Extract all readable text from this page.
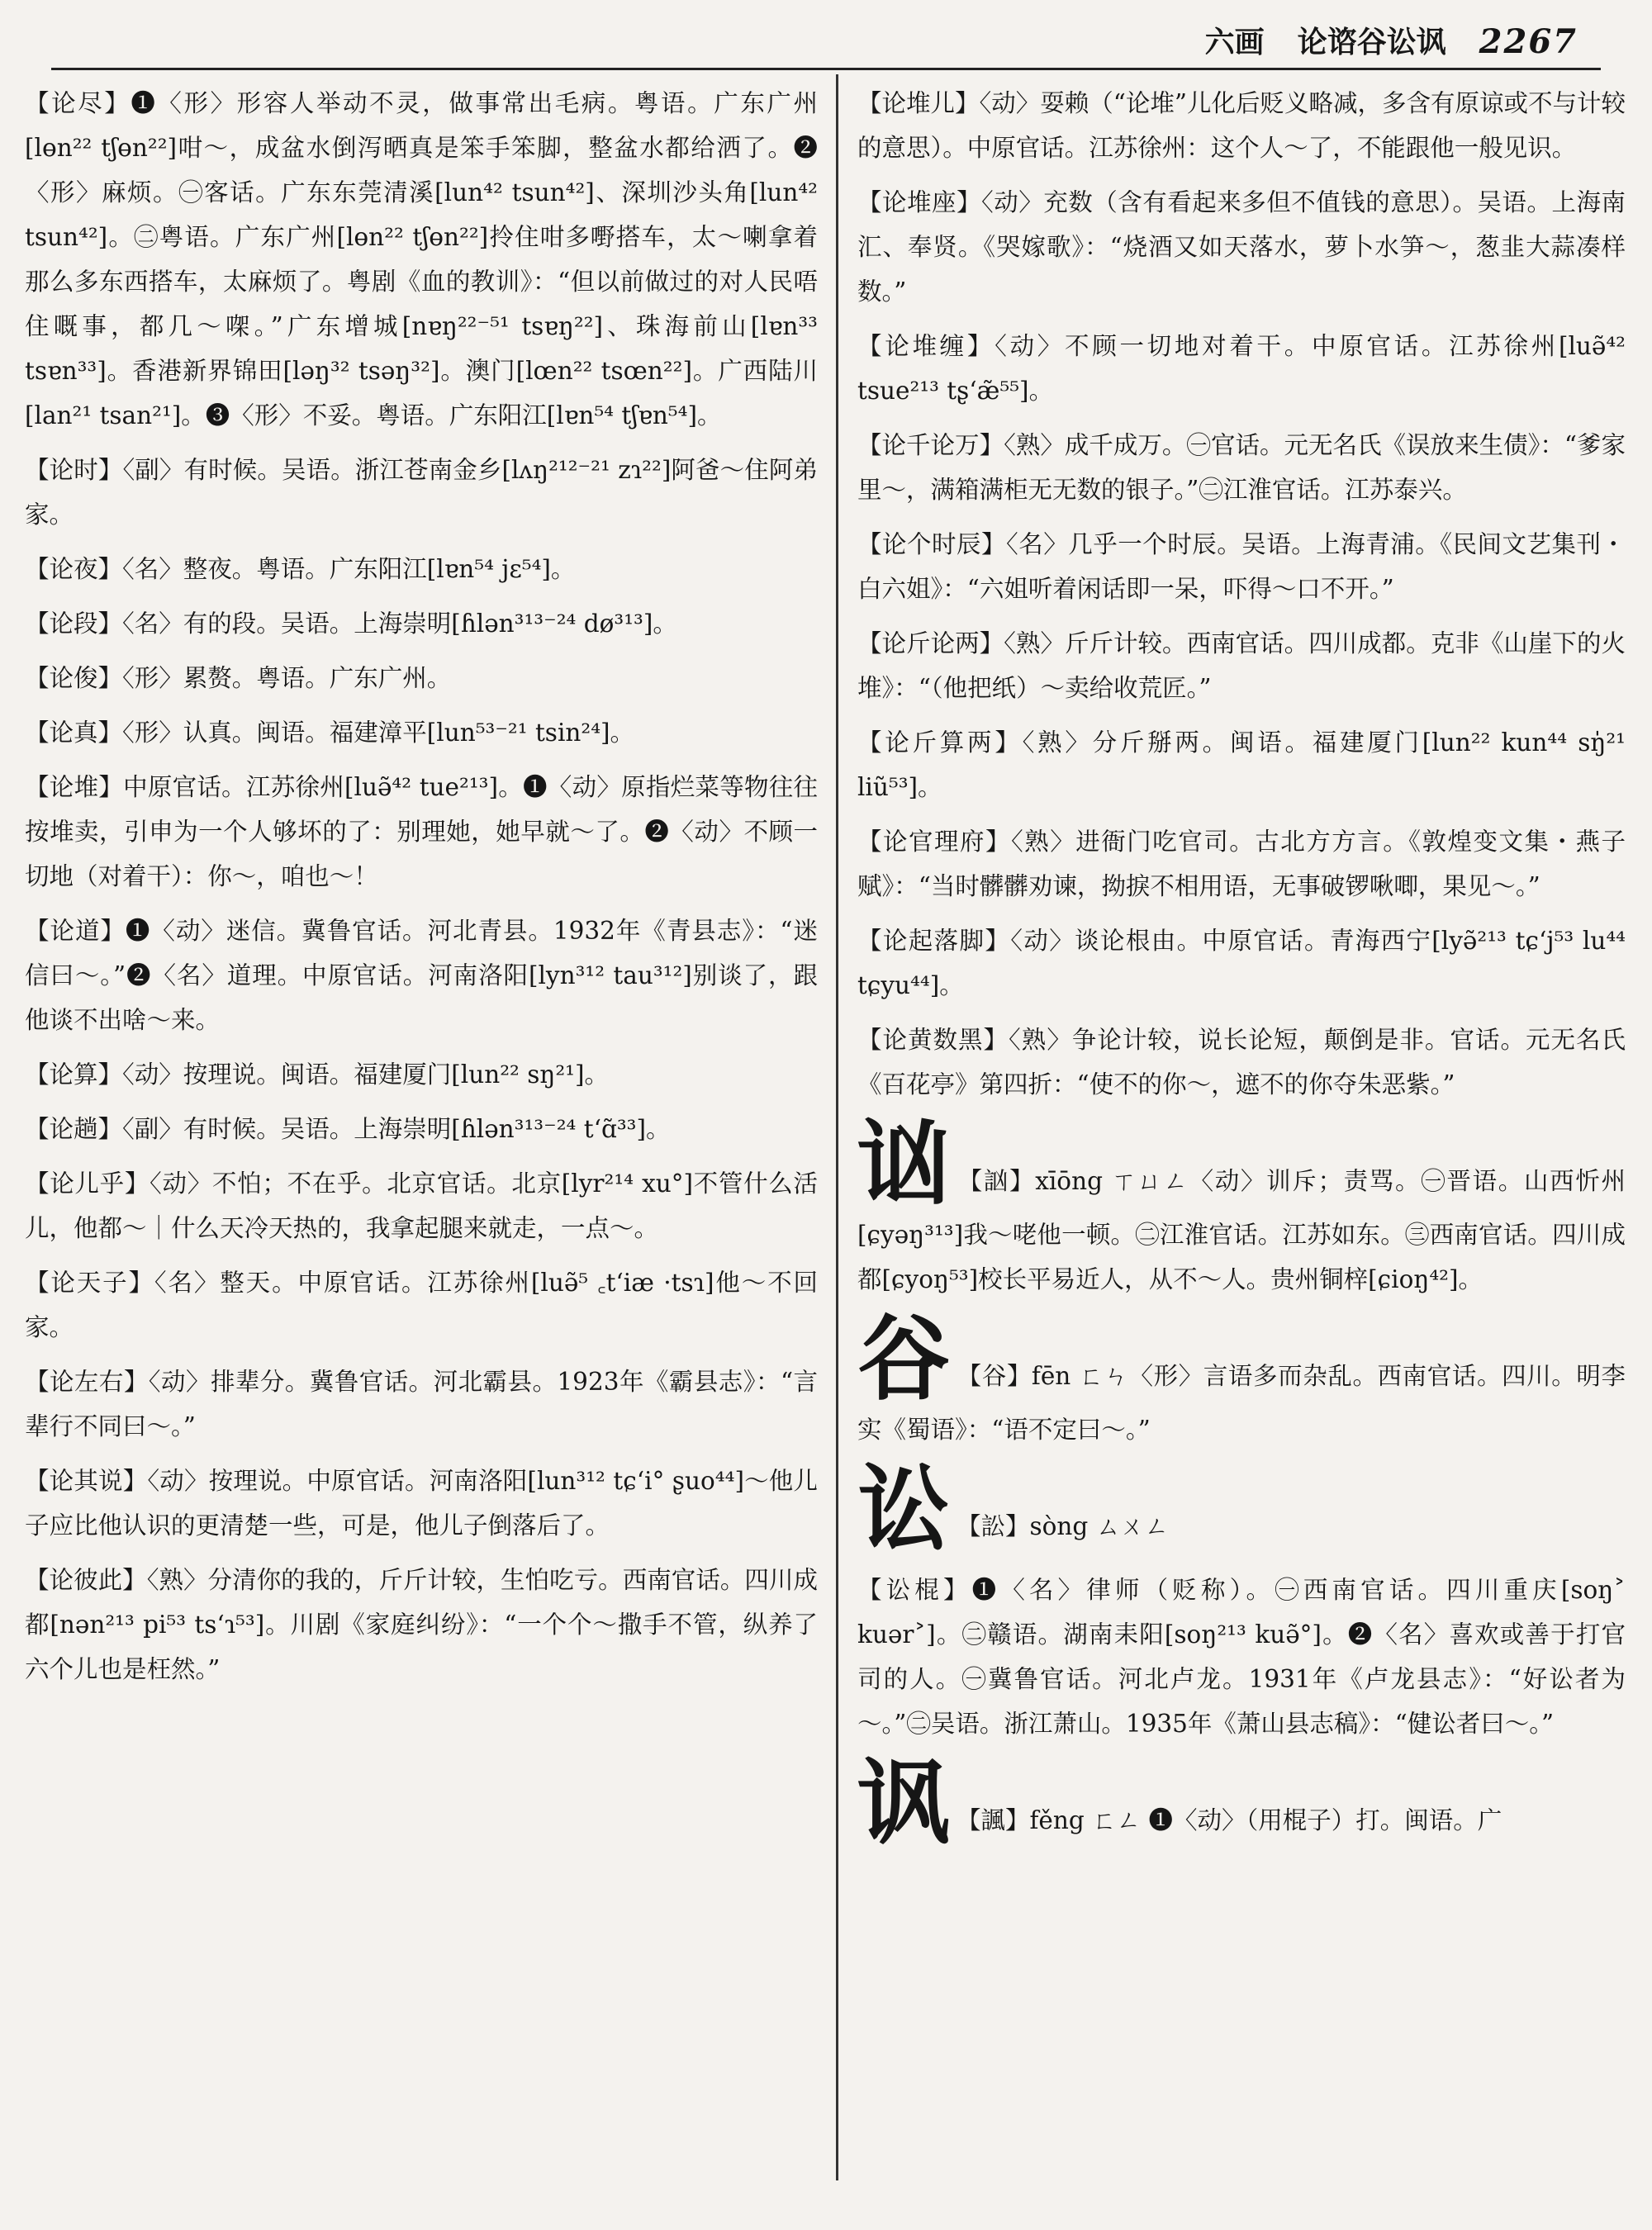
六画 论谘谷讼讽 2267

【论尽】❶〈形〉形容人举动不灵，做事常出毛病。粤语。广东广州[lɵn²² tʃɵn²²]咁～，成盆水倒泻晒真是笨手笨脚，整盆水都给洒了。❷〈形〉麻烦。㊀客话。广东东莞清溪[lun⁴² tsun⁴²]、深圳沙头角[lun⁴² tsun⁴²]。㊁粤语。广东广州[lɵn²² tʃɵn²²]拎住咁多嘢搭车，太～喇拿着那么多东西搭车，太麻烦了。粤剧《血的教训》：“但以前做过的对人民唔住嘅事，都几～㗎。”广东增城[nɐŋ²²⁻⁵¹ tsɐŋ²²]、珠海前山[lɐn³³ tsɐn³³]。香港新界锦田[ləŋ³² tsəŋ³²]。澳门[lœn²² tsœn²²]。广西陆川[lan²¹ tsan²¹]。❸〈形〉不妥。粤语。广东阳江[lɐn⁵⁴ tʃɐn⁵⁴]。

【论时】〈副〉有时候。吴语。浙江苍南金乡[lʌŋ²¹²⁻²¹ zɿ²²]阿爸～住阿弟家。

【论夜】〈名〉整夜。粤语。广东阳江[lɐn⁵⁴ jɛ⁵⁴]。

【论段】〈名〉有的段。吴语。上海崇明[ɦlən³¹³⁻²⁴ dø³¹³]。

【论俊】〈形〉累赘。粤语。广东广州。

【论真】〈形〉认真。闽语。福建漳平[lun⁵³⁻²¹ tsin²⁴]。

【论堆】中原官话。江苏徐州[luə̃⁴² tue²¹³]。❶〈动〉原指烂菜等物往往按堆卖，引申为一个人够坏的了：别理她，她早就～了。❷〈动〉不顾一切地（对着干）：你～，咱也～！

【论道】❶〈动〉迷信。冀鲁官话。河北青县。1932年《青县志》：“迷信曰～。”❷〈名〉道理。中原官话。河南洛阳[lyn³¹² tau³¹²]别谈了，跟他谈不出啥～来。

【论算】〈动〉按理说。闽语。福建厦门[lun²² sŋ²¹]。

【论趟】〈副〉有时候。吴语。上海崇明[ɦlən³¹³⁻²⁴ t‘ɑ̃³³]。

【论儿乎】〈动〉不怕；不在乎。北京官话。北京[lyr²¹⁴ xu°]不管什么活儿，他都～｜什么天冷天热的，我拿起腿来就走，一点～。

【论天子】〈名〉整天。中原官话。江苏徐州[luə̃⁵ ꜀t‘iæ ·tsɿ]他～不回家。

【论左右】〈动〉排辈分。冀鲁官话。河北霸县。1923年《霸县志》：“言辈行不同曰～。”

【论其说】〈动〉按理说。中原官话。河南洛阳[lun³¹² tɕ‘i° ʂuo⁴⁴]～他儿子应比他认识的更清楚一些，可是，他儿子倒落后了。

【论彼此】〈熟〉分清你的我的，斤斤计较，生怕吃亏。西南官话。四川成都[nən²¹³ pi⁵³ ts‘ɿ⁵³]。川剧《家庭纠纷》：“一个个～撒手不管，纵养了六个儿也是枉然。”

【论堆儿】〈动〉耍赖（“论堆”儿化后贬义略减，多含有原谅或不与计较的意思）。中原官话。江苏徐州：这个人～了，不能跟他一般见识。

【论堆座】〈动〉充数（含有看起来多但不值钱的意思）。吴语。上海南汇、奉贤。《哭嫁歌》：“烧酒又如天落水，萝卜水笋～，葱韭大蒜凑样数。”

【论堆缠】〈动〉不顾一切地对着干。中原官话。江苏徐州[luə̃⁴² tsue²¹³ tʂ‘æ̃⁵⁵]。

【论千论万】〈熟〉成千成万。㊀官话。元无名氏《误放来生债》：“爹家里～，满箱满柜无无数的银子。”㊁江淮官话。江苏泰兴。

【论个时辰】〈名〉几乎一个时辰。吴语。上海青浦。《民间文艺集刊・白六姐》：“六姐听着闲话即一呆，吓得～口不开。”

【论斤论两】〈熟〉斤斤计较。西南官话。四川成都。克非《山崖下的火堆》：“（他把纸）～卖给收荒匠。”

【论斤算两】〈熟〉分斤掰两。闽语。福建厦门[lun²² kun⁴⁴ sŋ̍²¹ liũ⁵³]。

【论官理府】〈熟〉进衙门吃官司。古北方方言。《敦煌变文集・燕子赋》：“当时髒髒劝谏，拗捩不相用语，无事破锣啾唧，果见～。”

【论起落脚】〈动〉谈论根由。中原官话。青海西宁[lyə̃²¹³ tɕ‘j⁵³ lu⁴⁴ tɕyu⁴⁴]。

【论黄数黑】〈熟〉争论计较，说长论短，颠倒是非。官话。元无名氏《百花亭》第四折：“使不的你～，遮不的你夺朱恶紫。”

讻 【訩】xīōng ㄒㄩㄥ〈动〉训斥；责骂。㊀晋语。山西忻州[ɕyəŋ³¹³]我～咾他一顿。㊁江淮官话。江苏如东。㊂西南官话。四川成都[ɕyoŋ⁵³]校长平易近人，从不～人。贵州铜梓[ɕioŋ⁴²]。

谷 【谷】fēn ㄈㄣ〈形〉言语多而杂乱。西南官话。四川。明李实《蜀语》：“语不定曰～。”

讼 【訟】sòng ㄙㄨㄥ

【讼棍】❶〈名〉律师（贬称）。㊀西南官话。四川重庆[soŋ˃ kuər˃]。㊁赣语。湖南耒阳[soŋ²¹³ kuə̃°]。❷〈名〉喜欢或善于打官司的人。㊀冀鲁官话。河北卢龙。1931年《卢龙县志》：“好讼者为～。”㊁吴语。浙江萧山。1935年《萧山县志稿》：“健讼者曰～。”

讽 【諷】fěng ㄈㄥ ❶〈动〉（用棍子）打。闽语。广
